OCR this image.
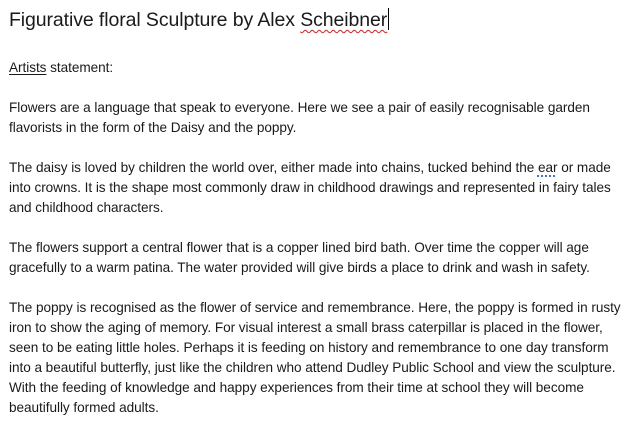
Figurative floral Sculpture by Alex Scheibner

Artists statement:

Flowers are a language that speak to everyone. Here we see a pair of easily recognisable garden flavorists in the form of the Daisy and the poppy.

The daisy is loved by children the world over, either made into chains, tucked behind the ear or made into crowns. It is the shape most commonly draw in childhood drawings and represented in fairy tales and childhood characters.

The flowers support a central flower that is a copper lined bird bath. Over time the copper will age gracefully to a warm patina. The water provided will give birds a place to drink and wash in safety.

The poppy is recognised as the flower of service and remembrance. Here, the poppy is formed in rusty iron to show the aging of memory. For visual interest a small brass caterpillar is placed in the flower, seen to be eating little holes. Perhaps it is feeding on history and remembrance to one day transform into a beautiful butterfly, just like the children who attend Dudley Public School and view the sculpture. With the feeding of knowledge and happy experiences from their time at school they will become beautifully formed adults.
